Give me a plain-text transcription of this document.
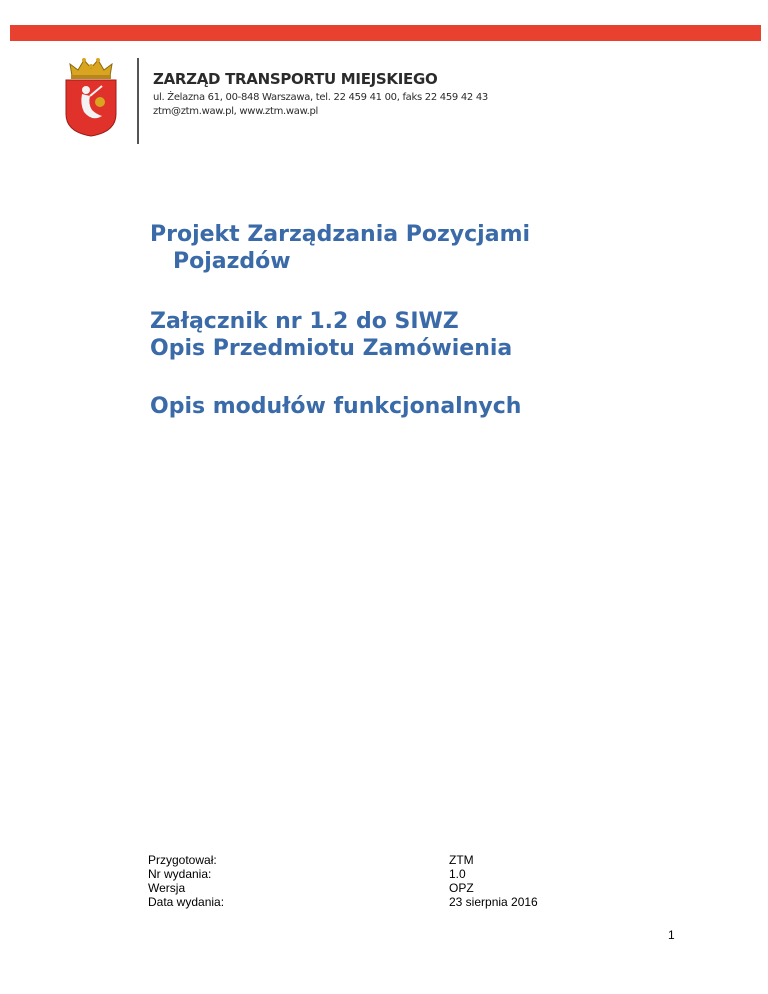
ZARZĄD TRANSPORTU MIEJSKIEGO
ul. Żelazna 61, 00-848 Warszawa, tel. 22 459 41 00, faks 22 459 42 43
ztm@ztm.waw.pl, www.ztm.waw.pl
Projekt Zarządzania Pozycjami
Pojazdów
Załącznik nr 1.2 do SIWZ
Opis Przedmiotu Zamówienia
Opis modułów funkcjonalnych
Przygotował:
Nr wydania:
Wersja
Data wydania:
ZTM
1.0
OPZ
23 sierpnia 2016
1
